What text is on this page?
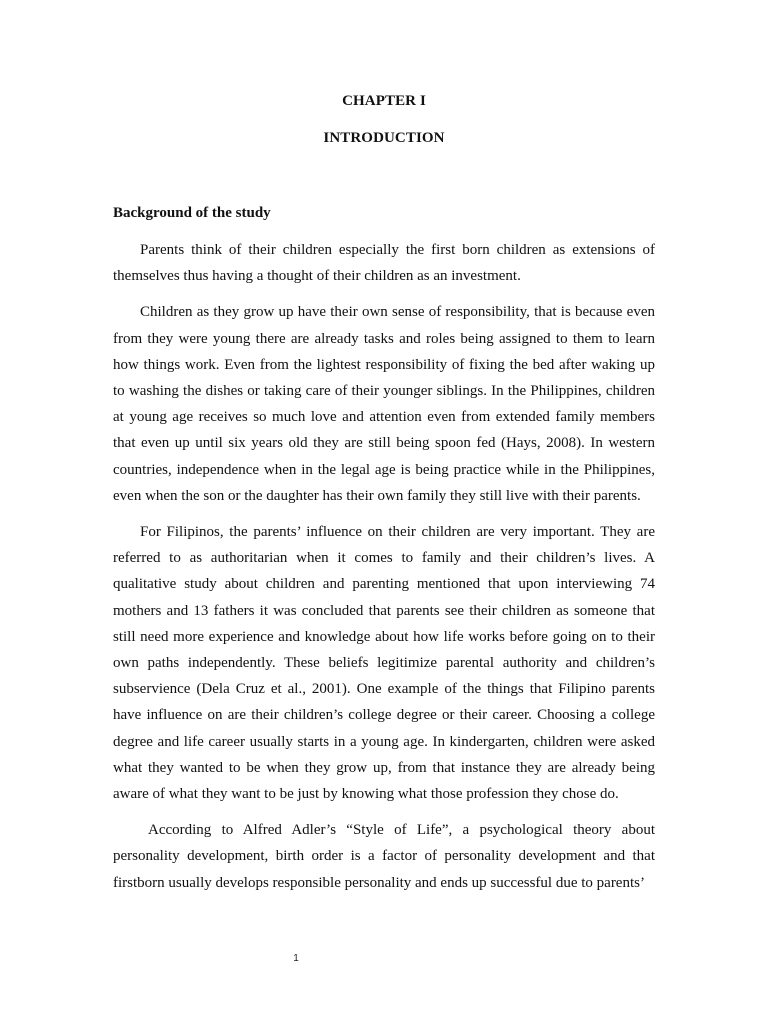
CHAPTER I
INTRODUCTION
Background of the study

Parents think of their children especially the first born children as extensions of themselves thus having a thought of their children as an investment.

Children as they grow up have their own sense of responsibility, that is because even from they were young there are already tasks and roles being assigned to them to learn how things work. Even from the lightest responsibility of fixing the bed after waking up to washing the dishes or taking care of their younger siblings. In the Philippines, children at young age receives so much love and attention even from extended family members that even up until six years old they are still being spoon fed (Hays, 2008). In western countries, independence when in the legal age is being practice while in the Philippines, even when the son or the daughter has their own family they still live with their parents.

For Filipinos, the parents’ influence on their children are very important. They are referred to as authoritarian when it comes to family and their children’s lives. A qualitative study about children and parenting mentioned that upon interviewing 74 mothers and 13 fathers it was concluded that parents see their children as someone that still need more experience and knowledge about how life works before going on to their own paths independently. These beliefs legitimize parental authority and children’s subservience (Dela Cruz et al., 2001). One example of the things that Filipino parents have influence on are their children’s college degree or their career. Choosing a college degree and life career usually starts in a young age. In kindergarten, children were asked what they wanted to be when they grow up, from that instance they are already being aware of what they want to be just by knowing what those profession they chose do.

According to Alfred Adler’s “Style of Life”, a psychological theory about personality development, birth order is a factor of personality development and that firstborn usually develops responsible personality and ends up successful due to parents’

1
